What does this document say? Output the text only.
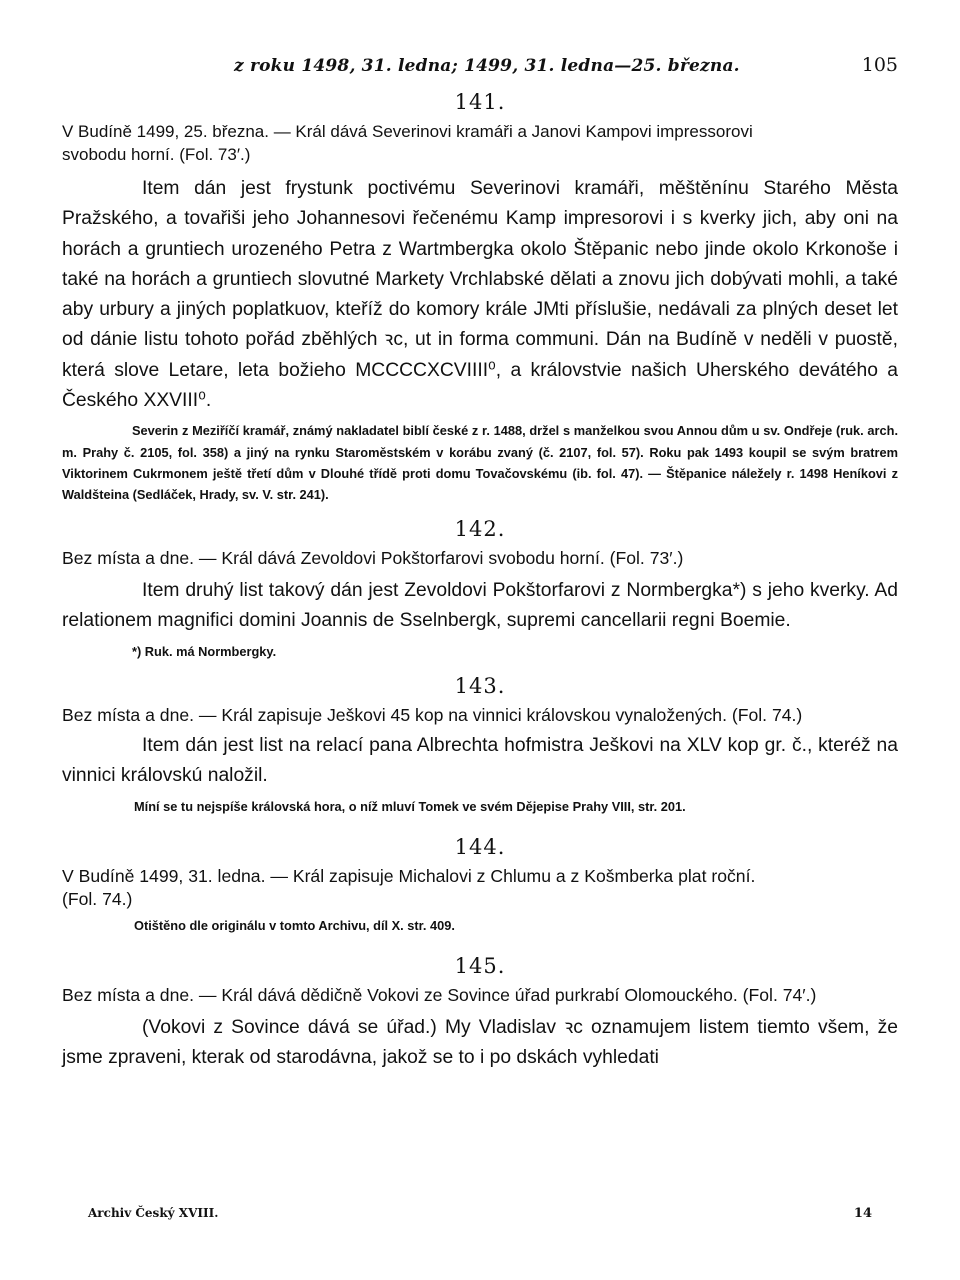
z roku 1498, 31. ledna; 1499, 31. ledna—25. března.	105
141.

V Budíně 1499, 25. března. — Král dává Severinovi kramáři a Janovi Kampovi impressorovi
svobodu horní. (Fol. 73′.)

Item dán jest frystunk poctivému Severinovi kramáři, měštěnínu Starého Města Pražského, a tovařiši jeho Johannesovi řečenému Kamp impresorovi i s kverky jich, aby oni na horách a gruntiech urozeného Petra z Wartmbergka okolo Štěpanic nebo jinde okolo Krkonoše i také na horách a gruntiech slovutné Markety Vrchlabské dělati a znovu jich dobývati mohli, a také aby urbury a jiných poplatkuov, kteříž do komory krále JMti příslušie, nedávali za plných deset let od dánie listu tohoto pořád zběhlých ꝛc, ut in forma communi. Dán na Budíně v neděli v puostě, která slove Letare, leta božieho MCCCCXCVIIII⁰, a královstvie našich Uherského devátého a Českého XXVIII⁰.

Severin z Meziříčí kramář, známý nakladatel biblí české z r. 1488, držel s manželkou svou Annou dům u sv. Ondřeje (ruk. arch. m. Prahy č. 2105, fol. 358) a jiný na rynku Staroměstském v korábu zvaný (č. 2107, fol. 57). Roku pak 1493 koupil se svým bratrem Viktorinem Cukrmonem ještě třetí dům v Dlouhé třídě proti domu Tovačovskému (ib. fol. 47). — Štěpanice náležely r. 1498 Heníkovi z Waldšteina (Sedláček, Hrady, sv. V. str. 241).

142.

Bez místa a dne. — Král dává Zevoldovi Pokštorfarovi svobodu horní. (Fol. 73′.)

Item druhý list takový dán jest Zevoldovi Pokštorfarovi z Normbergka*) s jeho kverky. Ad relationem magnifici domini Joannis de Sselnbergk, supremi cancellarii regni Boemie.

*) Ruk. má Normbergky.

143.

Bez místa a dne. — Král zapisuje Ješkovi 45 kop na vinnici královskou vynaložených. (Fol. 74.)

Item dán jest list na relací pana Albrechta hofmistra Ješkovi na XLV kop gr. č., kteréž na vinnici královskú naložil.

Míní se tu nejspíše královská hora, o níž mluví Tomek ve svém Dějepise Prahy VIII, str. 201.

144.

V Budíně 1499, 31. ledna. — Král zapisuje Michalovi z Chlumu a z Košmberka plat roční.
(Fol. 74.)

Otištěno dle originálu v tomto Archivu, díl X. str. 409.

145.

Bez místa a dne. — Král dává dědičně Vokovi ze Sovince úřad purkrabí Olomouckého. (Fol. 74′.)

(Vokovi z Sovince dává se úřad.) My Vladislav ꝛc oznamujem listem tiemto všem, že jsme zpraveni, kterak od starodávna, jakož se to i po dskách vyhledati

Archiv Český XVIII.	14
